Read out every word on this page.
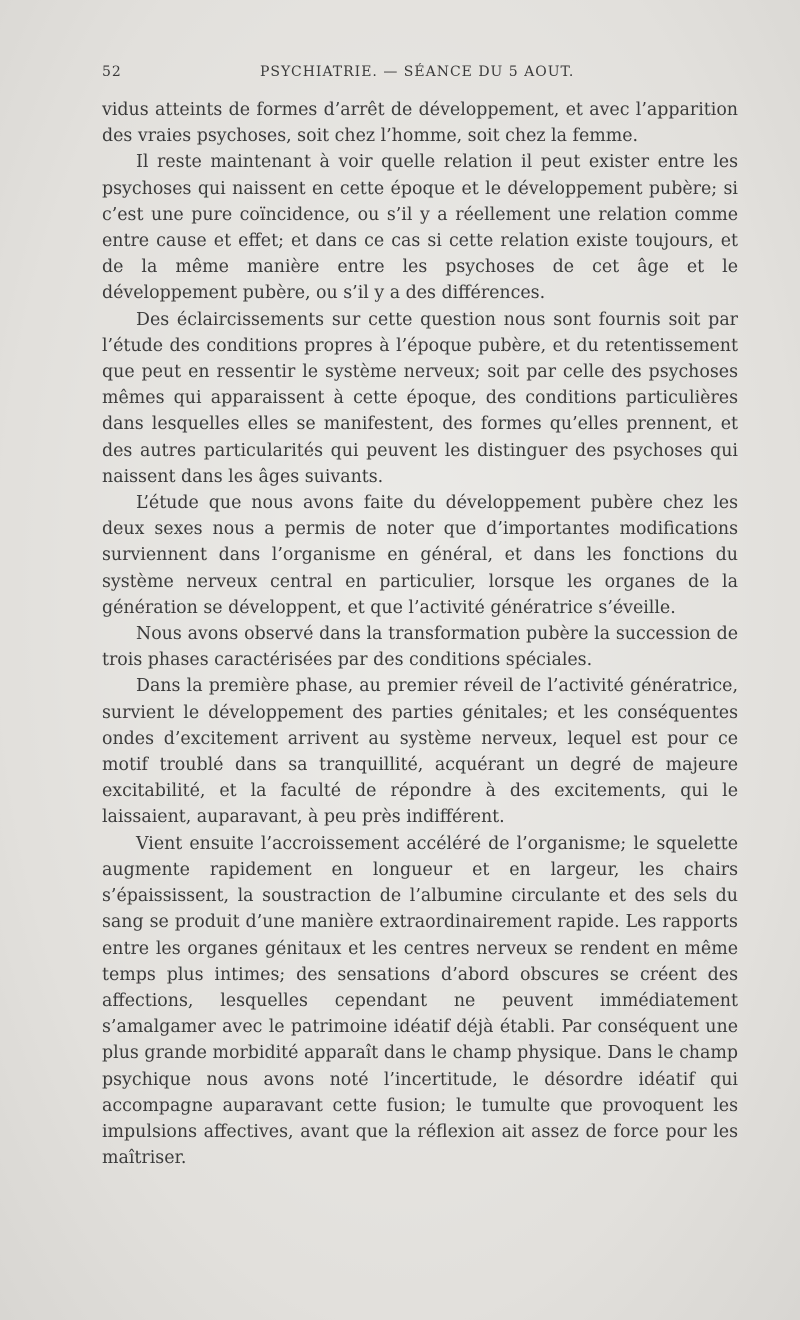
52	PSYCHIATRIE. — SÉANCE DU 5 AOUT.

vidus atteints de formes d’arrêt de développement, et avec l’apparition des vraies psychoses, soit chez l’homme, soit chez la femme.

Il reste maintenant à voir quelle relation il peut exister entre les psychoses qui naissent en cette époque et le développement pubère; si c’est une pure coïncidence, ou s’il y a réellement une relation comme entre cause et effet; et dans ce cas si cette relation existe toujours, et de la même manière entre les psychoses de cet âge et le développement pubère, ou s’il y a des différences.

Des éclaircissements sur cette question nous sont fournis soit par l’étude des conditions propres à l’époque pubère, et du retentissement que peut en ressentir le système nerveux; soit par celle des psychoses mêmes qui apparaissent à cette époque, des conditions particulières dans lesquelles elles se manifestent, des formes qu’elles prennent, et des autres particularités qui peuvent les distinguer des psychoses qui naissent dans les âges suivants.

L’étude que nous avons faite du développement pubère chez les deux sexes nous a permis de noter que d’importantes modifications surviennent dans l’organisme en général, et dans les fonctions du système nerveux central en particulier, lorsque les organes de la génération se développent, et que l’activité génératrice s’éveille.

Nous avons observé dans la transformation pubère la succession de trois phases caractérisées par des conditions spéciales.

Dans la première phase, au premier réveil de l’activité génératrice, survient le développement des parties génitales; et les conséquentes ondes d’excitement arrivent au système nerveux, lequel est pour ce motif troublé dans sa tranquillité, acquérant un degré de majeure excitabilité, et la faculté de répondre à des excitements, qui le laissaient, auparavant, à peu près indifférent.

Vient ensuite l’accroissement accéléré de l’organisme; le squelette augmente rapidement en longueur et en largeur, les chairs s’épaississent, la soustraction de l’albumine circulante et des sels du sang se produit d’une manière extraordinairement rapide. Les rapports entre les organes génitaux et les centres nerveux se rendent en même temps plus intimes; des sensations d’abord obscures se créent des affections, lesquelles cependant ne peuvent immédiatement s’amalgamer avec le patrimoine idéatif déjà établi. Par conséquent une plus grande morbidité apparaît dans le champ physique. Dans le champ psychique nous avons noté l’incertitude, le désordre idéatif qui accompagne auparavant cette fusion; le tumulte que provoquent les impulsions affectives, avant que la réflexion ait assez de force pour les maîtriser.
